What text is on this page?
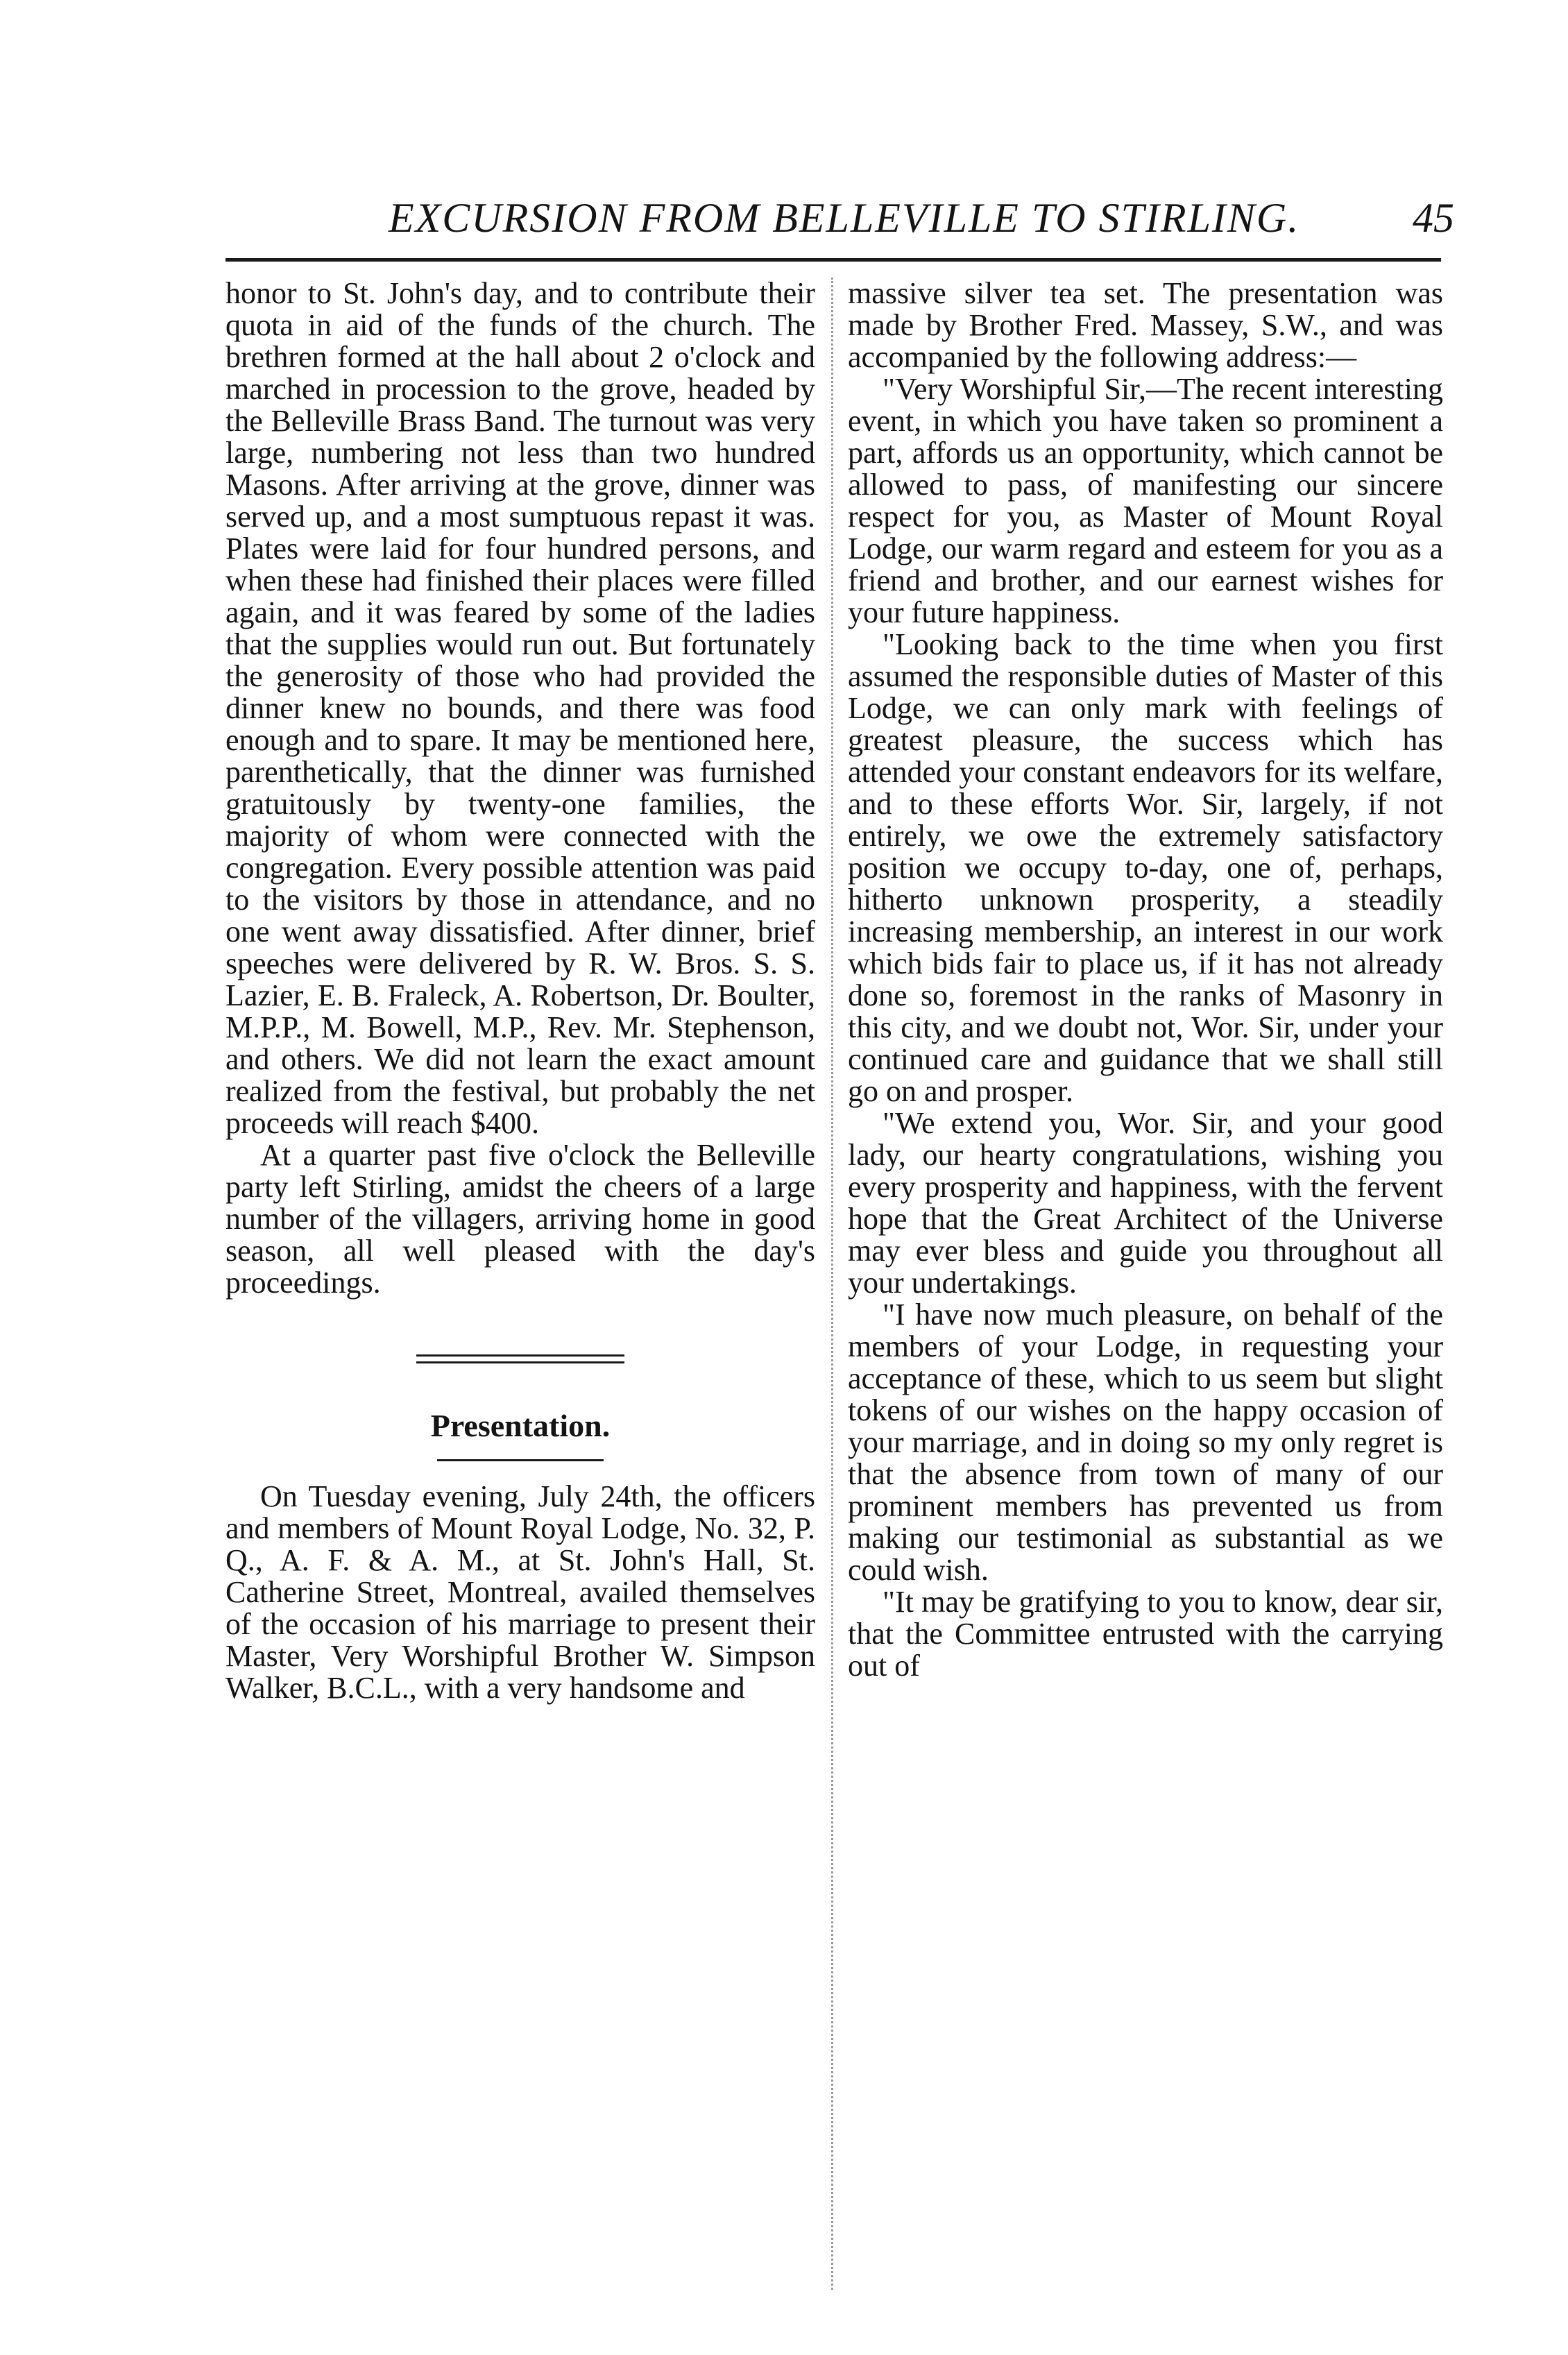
EXCURSION FROM BELLEVILLE TO STIRLING.	45

honor to St. John's day, and to contribute their quota in aid of the funds of the church. The brethren formed at the hall about 2 o'clock and marched in procession to the grove, headed by the Belleville Brass Band. The turnout was very large, numbering not less than two hundred Masons. After arriving at the grove, dinner was served up, and a most sumptuous repast it was. Plates were laid for four hundred persons, and when these had finished their places were filled again, and it was feared by some of the ladies that the supplies would run out. But fortunately the generosity of those who had provided the dinner knew no bounds, and there was food enough and to spare. It may be mentioned here, parenthetically, that the dinner was furnished gratuitously by twenty-one families, the majority of whom were connected with the congregation. Every possible attention was paid to the visitors by those in attendance, and no one went away dissatisfied. After dinner, brief speeches were delivered by R. W. Bros. S. S. Lazier, E. B. Fraleck, A. Robertson, Dr. Boulter, M.P.P., M. Bowell, M.P., Rev. Mr. Stephenson, and others. We did not learn the exact amount realized from the festival, but probably the net proceeds will reach $400.

At a quarter past five o'clock the Belleville party left Stirling, amidst the cheers of a large number of the villagers, arriving home in good season, all well pleased with the day's proceedings.

Presentation.

On Tuesday evening, July 24th, the officers and members of Mount Royal Lodge, No. 32, P. Q., A. F. & A. M., at St. John's Hall, St. Catherine Street, Montreal, availed themselves of the occasion of his marriage to present their Master, Very Worshipful Brother W. Simpson Walker, B.C.L., with a very handsome and

massive silver tea set. The presentation was made by Brother Fred. Massey, S.W., and was accompanied by the following address:—

"Very Worshipful Sir,—The recent interesting event, in which you have taken so prominent a part, affords us an opportunity, which cannot be allowed to pass, of manifesting our sincere respect for you, as Master of Mount Royal Lodge, our warm regard and esteem for you as a friend and brother, and our earnest wishes for your future happiness.

"Looking back to the time when you first assumed the responsible duties of Master of this Lodge, we can only mark with feelings of greatest pleasure, the success which has attended your constant endeavors for its welfare, and to these efforts Wor. Sir, largely, if not entirely, we owe the extremely satisfactory position we occupy to-day, one of, perhaps, hitherto unknown prosperity, a steadily increasing membership, an interest in our work which bids fair to place us, if it has not already done so, foremost in the ranks of Masonry in this city, and we doubt not, Wor. Sir, under your continued care and guidance that we shall still go on and prosper.

"We extend you, Wor. Sir, and your good lady, our hearty congratulations, wishing you every prosperity and happiness, with the fervent hope that the Great Architect of the Universe may ever bless and guide you throughout all your undertakings.

"I have now much pleasure, on behalf of the members of your Lodge, in requesting your acceptance of these, which to us seem but slight tokens of our wishes on the happy occasion of your marriage, and in doing so my only regret is that the absence from town of many of our prominent members has prevented us from making our testimonial as substantial as we could wish.

"It may be gratifying to you to know, dear sir, that the Committee entrusted with the carrying out of
